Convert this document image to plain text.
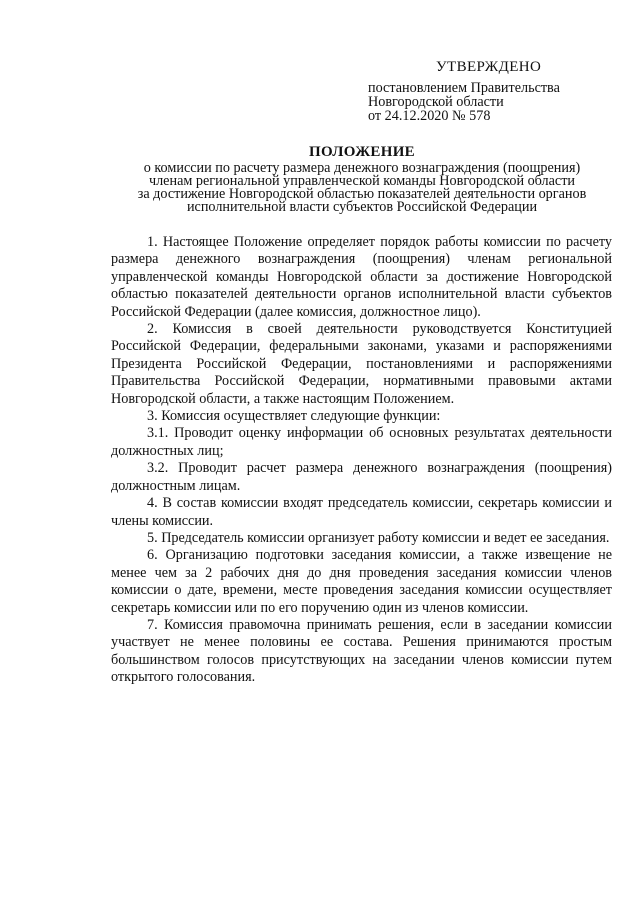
УТВЕРЖДЕНО
постановлением Правительства
Новгородской области
от 24.12.2020 № 578
ПОЛОЖЕНИЕ
о комиссии по расчету размера денежного вознаграждения (поощрения)
членам региональной управленческой команды Новгородской области
за достижение Новгородской областью показателей деятельности органов
исполнительной власти субъектов Российской Федерации

1. Настоящее Положение определяет порядок работы комиссии по расчету размера денежного вознаграждения (поощрения) членам региональной управленческой команды Новгородской области за достижение Новгородской областью показателей деятельности органов исполнительной власти субъектов Российской Федерации (далее комиссия, должностное лицо).

2. Комиссия в своей деятельности руководствуется Конституцией Российской Федерации, федеральными законами, указами и распоряжениями Президента Российской Федерации, постановлениями и распоряжениями Правительства Российской Федерации, нормативными правовыми актами Новгородской области, а также настоящим Положением.

3. Комиссия осуществляет следующие функции:

3.1. Проводит оценку информации об основных результатах деятельности должностных лиц;

3.2. Проводит расчет размера денежного вознаграждения (поощрения) должностным лицам.

4. В состав комиссии входят председатель комиссии, секретарь комиссии и члены комиссии.

5. Председатель комиссии организует работу комиссии и ведет ее заседания.

6. Организацию подготовки заседания комиссии, а также извещение не менее чем за 2 рабочих дня до дня проведения заседания комиссии членов комиссии о дате, времени, месте проведения заседания комиссии осуществляет секретарь комиссии или по его поручению один из членов комиссии.

7. Комиссия правомочна принимать решения, если в заседании комиссии участвует не менее половины ее состава. Решения принимаются простым большинством голосов присутствующих на заседании членов комиссии путем открытого голосования.
